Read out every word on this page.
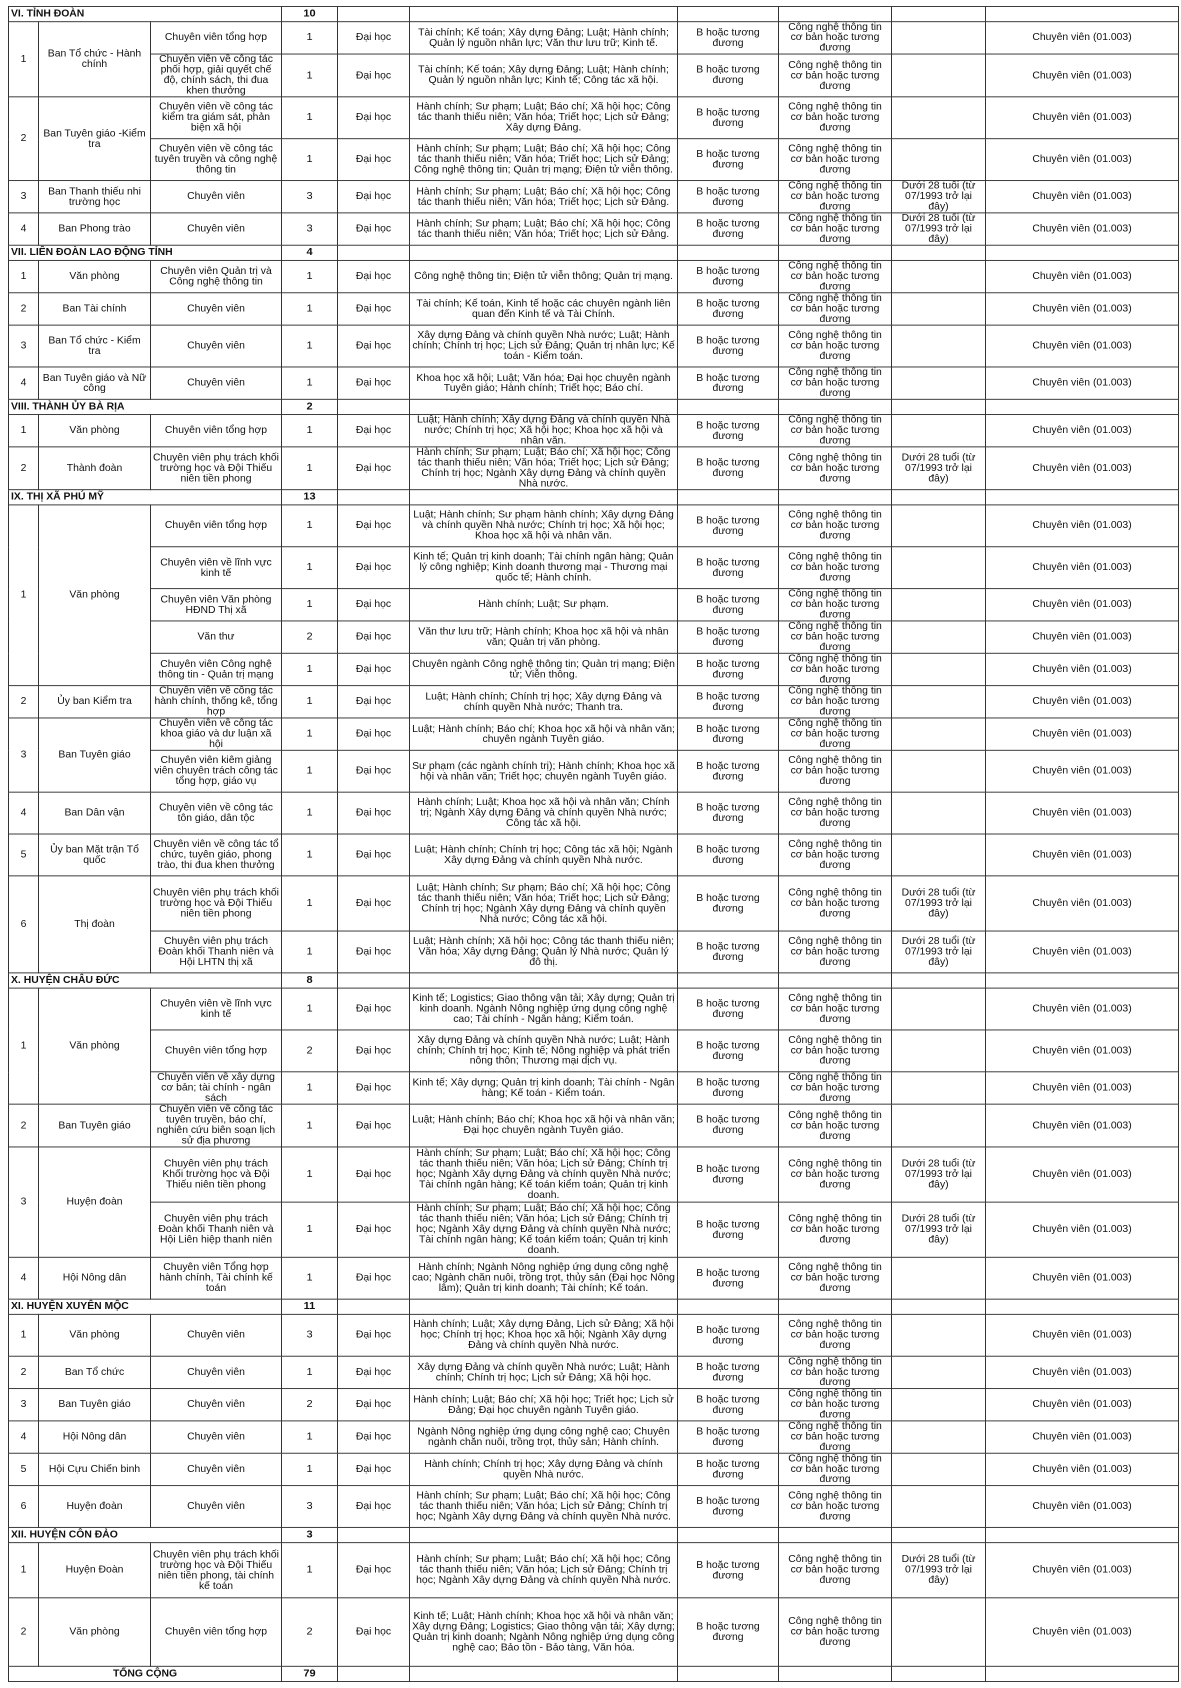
VI. TỈNH ĐOÀN			10						
1	Ban Tổ chức - Hành chính	Chuyên viên tổng hợp	1	Đại học	Tài chính; Kế toán; Xây dựng Đảng; Luật; Hành chính; Quản lý nguồn nhân lực; Văn thư lưu trữ; Kinh tế.	B hoặc tương đương	Công nghệ thông tin cơ bản hoặc tương đương		Chuyên viên (01.003)
		Chuyên viên về công tác phối hợp, giải quyết chế độ, chính sách, thi đua khen thưởng	1	Đại học	Tài chính; Kế toán; Xây dựng Đảng; Luật; Hành chính; Quản lý nguồn nhân lực; Kinh tế; Công tác xã hội.	B hoặc tương đương	Công nghệ thông tin cơ bản hoặc tương đương		Chuyên viên (01.003)
2	Ban Tuyên giáo -Kiểm tra	Chuyên viên về công tác kiểm tra giám sát, phản biện xã hội	1	Đại học	Hành chính; Sư phạm; Luật; Báo chí; Xã hội học; Công tác thanh thiếu niên; Văn hóa; Triết học; Lịch sử Đảng; Xây dựng Đảng.	B hoặc tương đương	Công nghệ thông tin cơ bản hoặc tương đương		Chuyên viên (01.003)
		Chuyên viên về công tác tuyên truyền và công nghệ thông tin	1	Đại học	Hành chính; Sư phạm; Luật; Báo chí; Xã hội học; Công tác thanh thiếu niên; Văn hóa; Triết học; Lịch sử Đảng; Công nghệ thông tin; Quản trị mạng; Điện tử viễn thông.	B hoặc tương đương	Công nghệ thông tin cơ bản hoặc tương đương		Chuyên viên (01.003)
3	Ban Thanh thiếu nhi trường học	Chuyên viên	3	Đại học	Hành chính; Sư phạm; Luật; Báo chí; Xã hội học; Công tác thanh thiếu niên; Văn hóa; Triết học; Lịch sử Đảng.	B hoặc tương đương	Công nghệ thông tin cơ bản hoặc tương đương	Dưới 28 tuổi (từ 07/1993 trở lại đây)	Chuyên viên (01.003)
4	Ban Phong trào	Chuyên viên	3	Đại học	Hành chính; Sư phạm; Luật; Báo chí; Xã hội học; Công tác thanh thiếu niên; Văn hóa; Triết học; Lịch sử Đảng.	B hoặc tương đương	Công nghệ thông tin cơ bản hoặc tương đương	Dưới 28 tuổi (từ 07/1993 trở lại đây)	Chuyên viên (01.003)
VII. LIÊN ĐOÀN LAO ĐỘNG TỈNH			4						
1	Văn phòng	Chuyên viên Quản trị và Công nghệ thông tin	1	Đại học	Công nghệ thông tin; Điện tử viễn thông; Quản trị mạng.	B hoặc tương đương	Công nghệ thông tin cơ bản hoặc tương đương		Chuyên viên (01.003)
2	Ban Tài chính	Chuyên viên	1	Đại học	Tài chính; Kế toán, Kinh tế hoặc các chuyên ngành liên quan đến Kinh tế và Tài Chính.	B hoặc tương đương	Công nghệ thông tin cơ bản hoặc tương đương		Chuyên viên (01.003)
3	Ban Tổ chức - Kiểm tra	Chuyên viên	1	Đại học	Xây dựng Đảng và chính quyền Nhà nước; Luật; Hành chính; Chính trị học; Lịch sử Đảng; Quản trị nhân lực; Kế toán - Kiểm toán.	B hoặc tương đương	Công nghệ thông tin cơ bản hoặc tương đương		Chuyên viên (01.003)
4	Ban Tuyên giáo và Nữ công	Chuyên viên	1	Đại học	Khoa học xã hội; Luật; Văn hóa; Đại học chuyên ngành Tuyên giáo; Hành chính; Triết học; Báo chí.	B hoặc tương đương	Công nghệ thông tin cơ bản hoặc tương đương		Chuyên viên (01.003)
VIII. THÀNH ỦY BÀ RỊA			2						
1	Văn phòng	Chuyên viên tổng hợp	1	Đại học	Luật; Hành chính; Xây dựng Đảng và chính quyền Nhà nước; Chính trị học; Xã hội học; Khoa học xã hội và nhân văn.	B hoặc tương đương	Công nghệ thông tin cơ bản hoặc tương đương		Chuyên viên (01.003)
2	Thành đoàn	Chuyên viên phụ trách khối trường học và Đội Thiếu niên tiền phong	1	Đại học	Hành chính; Sư phạm; Luật; Báo chí; Xã hội học; Công tác thanh thiếu niên; Văn hóa; Triết học; Lịch sử Đảng; Chính trị học; Ngành Xây dựng Đảng và chính quyền Nhà nước.	B hoặc tương đương	Công nghệ thông tin cơ bản hoặc tương đương	Dưới 28 tuổi (từ 07/1993 trở lại đây)	Chuyên viên (01.003)
IX. THỊ XÃ PHÚ MỸ			13						
1	Văn phòng	Chuyên viên tổng hợp	1	Đại học	Luật; Hành chính; Sư phạm hành chính; Xây dựng Đảng và chính quyền Nhà nước; Chính trị học; Xã hội học; Khoa học xã hội và nhân văn.	B hoặc tương đương	Công nghệ thông tin cơ bản hoặc tương đương		Chuyên viên (01.003)
		Chuyên viên về lĩnh vực kinh tế	1	Đại học	Kinh tế; Quản trị kinh doanh; Tài chính ngân hàng; Quản lý công nghiệp; Kinh doanh thương mại - Thương mại quốc tế; Hành chính.	B hoặc tương đương	Công nghệ thông tin cơ bản hoặc tương đương		Chuyên viên (01.003)
		Chuyên viên Văn phòng HĐND Thị xã	1	Đại học	Hành chính; Luật; Sư phạm.	B hoặc tương đương	Công nghệ thông tin cơ bản hoặc tương đương		Chuyên viên (01.003)
		Văn thư	2	Đại học	Văn thư lưu trữ; Hành chính; Khoa học xã hội và nhân văn; Quản trị văn phòng.	B hoặc tương đương	Công nghệ thông tin cơ bản hoặc tương đương		Chuyên viên (01.003)
		Chuyên viên Công nghệ thông tin - Quản trị mạng	1	Đại học	Chuyên ngành Công nghệ thông tin; Quản trị mạng; Điện tử; Viễn thông.	B hoặc tương đương	Công nghệ thông tin cơ bản hoặc tương đương		Chuyên viên (01.003)
2	Ủy ban Kiểm tra	Chuyên viên về công tác hành chính, thống kê, tổng hợp	1	Đại học	Luật; Hành chính; Chính trị học; Xây dựng Đảng và chính quyền Nhà nước; Thanh tra.	B hoặc tương đương	Công nghệ thông tin cơ bản hoặc tương đương		Chuyên viên (01.003)
3	Ban Tuyên giáo	Chuyên viên về công tác khoa giáo và dư luận xã hội	1	Đại học	Luật; Hành chính; Báo chí; Khoa học xã hội và nhân văn; chuyên ngành Tuyên giáo.	B hoặc tương đương	Công nghệ thông tin cơ bản hoặc tương đương		Chuyên viên (01.003)
		Chuyên viên kiêm giảng viên chuyên trách công tác tổng hợp, giáo vụ	1	Đại học	Sư phạm (các ngành chính trị); Hành chính; Khoa học xã hội và nhân văn; Triết học; chuyên ngành Tuyên giáo.	B hoặc tương đương	Công nghệ thông tin cơ bản hoặc tương đương		Chuyên viên (01.003)
4	Ban Dân vận	Chuyên viên về công tác tôn giáo, dân tộc	1	Đại học	Hành chính; Luật; Khoa học xã hội và nhân văn; Chính trị; Ngành Xây dựng Đảng và chính quyền Nhà nước; Công tác xã hội.	B hoặc tương đương	Công nghệ thông tin cơ bản hoặc tương đương		Chuyên viên (01.003)
5	Ủy ban Mặt trận Tổ quốc	Chuyên viên về công tác tổ chức, tuyên giáo, phong trào, thi đua khen thưởng	1	Đại học	Luật; Hành chính; Chính trị học; Công tác xã hội; Ngành Xây dựng Đảng và chính quyền Nhà nước.	B hoặc tương đương	Công nghệ thông tin cơ bản hoặc tương đương		Chuyên viên (01.003)
6	Thị đoàn	Chuyên viên phụ trách khối trường học và Đội Thiếu niên tiền phong	1	Đại học	Luật; Hành chính; Sư phạm; Báo chí; Xã hội học; Công tác thanh thiếu niên; Văn hóa; Triết học; Lịch sử Đảng; Chính trị học; Ngành Xây dựng Đảng và chính quyền Nhà nước; Công tác xã hội.	B hoặc tương đương	Công nghệ thông tin cơ bản hoặc tương đương	Dưới 28 tuổi (từ 07/1993 trở lại đây)	Chuyên viên (01.003)
		Chuyên viên phụ trách Đoàn khối Thanh niên và Hội LHTN thị xã	1	Đại học	Luật; Hành chính; Xã hội học; Công tác thanh thiếu niên; Văn hóa; Xây dựng Đảng; Quản lý Nhà nước; Quản lý đô thị.	B hoặc tương đương	Công nghệ thông tin cơ bản hoặc tương đương	Dưới 28 tuổi (từ 07/1993 trở lại đây)	Chuyên viên (01.003)
X. HUYỆN CHÂU ĐỨC			8						
1	Văn phòng	Chuyên viên về lĩnh vực kinh tế	1	Đại học	Kinh tế; Logistics; Giao thông vận tải; Xây dựng; Quản trị kinh doanh. Ngành Nông nghiệp ứng dụng công nghệ cao; Tài chính - Ngân hàng; Kiểm toán.	B hoặc tương đương	Công nghệ thông tin cơ bản hoặc tương đương		Chuyên viên (01.003)
		Chuyên viên tổng hợp	2	Đại học	Xây dựng Đảng và chính quyền Nhà nước; Luật; Hành chính; Chính trị học; Kinh tế; Nông nghiệp và phát triển nông thôn; Thương mại dịch vụ.	B hoặc tương đương	Công nghệ thông tin cơ bản hoặc tương đương		Chuyên viên (01.003)
		Chuyên viên về xây dựng cơ bản; tài chính - ngân sách	1	Đại học	Kinh tế; Xây dựng; Quản trị kinh doanh; Tài chính - Ngân hàng; Kế toán - Kiểm toán.	B hoặc tương đương	Công nghệ thông tin cơ bản hoặc tương đương		Chuyên viên (01.003)
2	Ban Tuyên giáo	Chuyên viên về công tác tuyên truyền, báo chí, nghiên cứu biên soạn lịch sử địa phương	1	Đại học	Luật; Hành chính; Báo chí; Khoa học xã hội và nhân văn; Đại học chuyên ngành Tuyên giáo.	B hoặc tương đương	Công nghệ thông tin cơ bản hoặc tương đương		Chuyên viên (01.003)
3	Huyện đoàn	Chuyên viên phụ trách Khối trường học và Đội Thiếu niên tiền phong	1	Đại học	Hành chính; Sư phạm; Luật; Báo chí; Xã hội học; Công tác thanh thiếu niên; Văn hóa; Lịch sử Đảng; Chính trị học; Ngành Xây dựng Đảng và chính quyền Nhà nước; Tài chính ngân hàng; Kế toán kiểm toán; Quản trị kinh doanh.	B hoặc tương đương	Công nghệ thông tin cơ bản hoặc tương đương	Dưới 28 tuổi (từ 07/1993 trở lại đây)	Chuyên viên (01.003)
		Chuyên viên phụ trách Đoàn khối Thanh niên và Hội Liên hiệp thanh niên	1	Đại học	Hành chính; Sư phạm; Luật; Báo chí; Xã hội học; Công tác thanh thiếu niên; Văn hóa; Lịch sử Đảng; Chính trị học; Ngành Xây dựng Đảng và chính quyền Nhà nước; Tài chính ngân hàng; Kế toán kiểm toán; Quản trị kinh doanh.	B hoặc tương đương	Công nghệ thông tin cơ bản hoặc tương đương	Dưới 28 tuổi (từ 07/1993 trở lại đây)	Chuyên viên (01.003)
4	Hội Nông dân	Chuyên viên Tổng hợp hành chính, Tài chính kế toán	1	Đại học	Hành chính; Ngành Nông nghiệp ứng dụng công nghệ cao; Ngành chăn nuôi, trồng trọt, thủy sản (Đại học Nông lâm); Quản trị kinh doanh; Tài chính; Kế toán.	B hoặc tương đương	Công nghệ thông tin cơ bản hoặc tương đương		Chuyên viên (01.003)
XI. HUYỆN XUYÊN MỘC			11						
1	Văn phòng	Chuyên viên	3	Đại học	Hành chính; Luật; Xây dựng Đảng, Lịch sử Đảng; Xã hội học; Chính trị học; Khoa học xã hội; Ngành Xây dựng Đảng và chính quyền Nhà nước.	B hoặc tương đương	Công nghệ thông tin cơ bản hoặc tương đương		Chuyên viên (01.003)
2	Ban Tổ chức	Chuyên viên	1	Đại học	Xây dựng Đảng và chính quyền Nhà nước; Luật; Hành chính; Chính trị học; Lịch sử Đảng; Xã hội học.	B hoặc tương đương	Công nghệ thông tin cơ bản hoặc tương đương		Chuyên viên (01.003)
3	Ban Tuyên giáo	Chuyên viên	2	Đại học	Hành chính; Luật; Báo chí; Xã hội học; Triết học; Lịch sử Đảng; Đại học chuyên ngành Tuyên giáo.	B hoặc tương đương	Công nghệ thông tin cơ bản hoặc tương đương		Chuyên viên (01.003)
4	Hội Nông dân	Chuyên viên	1	Đại học	Ngành Nông nghiệp ứng dụng công nghệ cao; Chuyên ngành chăn nuôi, trồng trọt, thủy sản; Hành chính.	B hoặc tương đương	Công nghệ thông tin cơ bản hoặc tương đương		Chuyên viên (01.003)
5	Hội Cựu Chiến binh	Chuyên viên	1	Đại học	Hành chính; Chính trị học; Xây dựng Đảng và chính quyền Nhà nước.	B hoặc tương đương	Công nghệ thông tin cơ bản hoặc tương đương		Chuyên viên (01.003)
6	Huyện đoàn	Chuyên viên	3	Đại học	Hành chính; Sư phạm; Luật; Báo chí; Xã hội học; Công tác thanh thiếu niên; Văn hóa; Lịch sử Đảng; Chính trị học; Ngành Xây dựng Đảng và chính quyền Nhà nước.	B hoặc tương đương	Công nghệ thông tin cơ bản hoặc tương đương		Chuyên viên (01.003)
XII. HUYỆN CÔN ĐẢO			3						
1	Huyện Đoàn	Chuyên viên phụ trách khối trường học và Đội Thiếu niên tiền phong, tài chính kế toán	1	Đại học	Hành chính; Sư phạm; Luật; Báo chí; Xã hội học; Công tác thanh thiếu niên; Văn hóa; Lịch sử Đảng; Chính trị học; Ngành Xây dựng Đảng và chính quyền Nhà nước.	B hoặc tương đương	Công nghệ thông tin cơ bản hoặc tương đương	Dưới 28 tuổi (từ 07/1993 trở lại đây)	Chuyên viên (01.003)
2	Văn phòng	Chuyên viên tổng hợp	2	Đại học	Kinh tế; Luật; Hành chính; Khoa học xã hội và nhân văn; Xây dựng Đảng; Logistics; Giao thông vận tải; Xây dựng; Quản trị kinh doanh; Ngành Nông nghiệp ứng dụng công nghệ cao; Bảo tồn - Bảo tàng, Văn hóa.	B hoặc tương đương	Công nghệ thông tin cơ bản hoặc tương đương		Chuyên viên (01.003)
TỔNG CỘNG			79						
